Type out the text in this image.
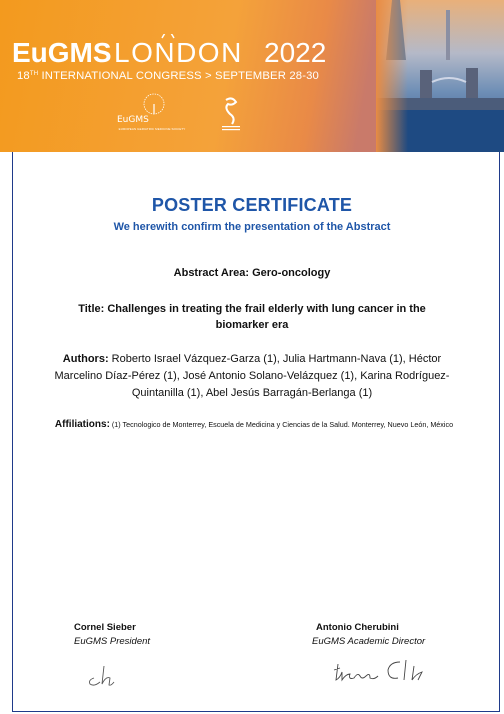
EuGMS LONDON 2022
18TH INTERNATIONAL CONGRESS > SEPTEMBER 28-30
EuGMS
EUROPEAN GERIATRIC MEDICINE SOCIETY
POSTER CERTIFICATE
We herewith confirm the presentation of the Abstract
Abstract Area: Gero-oncology
Title: Challenges in treating the frail elderly with lung cancer in the biomarker era
Authors: Roberto Israel Vázquez-Garza (1), Julia Hartmann-Nava (1), Héctor Marcelino Díaz-Pérez (1), José Antonio Solano-Velázquez (1), Karina Rodríguez-Quintanilla (1), Abel Jesús Barragán-Berlanga (1)
Affiliations: (1) Tecnologico de Monterrey, Escuela de Medicina y Ciencias de la Salud. Monterrey, Nuevo León, México
Cornel Sieber
EuGMS President
Antonio Cherubini
EuGMS Academic Director
